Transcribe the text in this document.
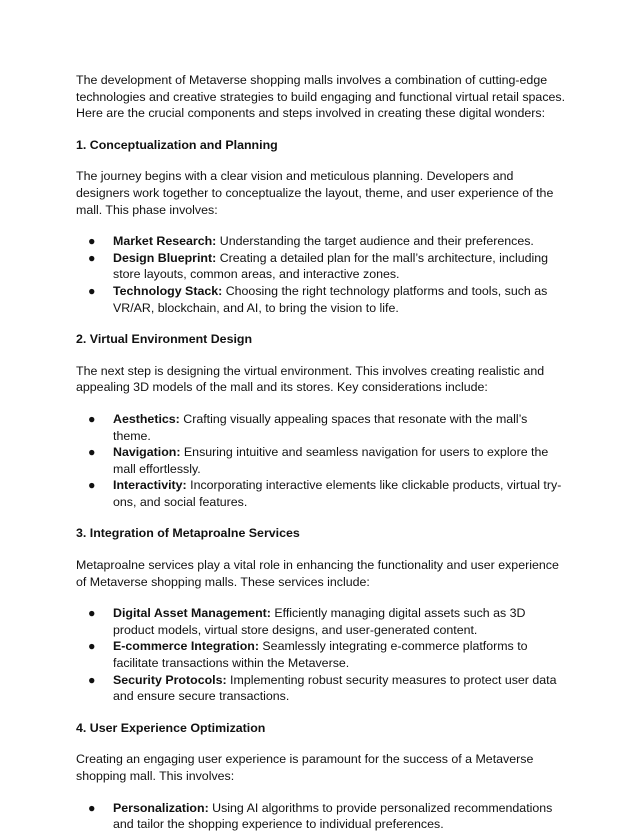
The development of Metaverse shopping malls involves a combination of cutting-edge technologies and creative strategies to build engaging and functional virtual retail spaces. Here are the crucial components and steps involved in creating these digital wonders:

1. Conceptualization and Planning

The journey begins with a clear vision and meticulous planning. Developers and designers work together to conceptualize the layout, theme, and user experience of the mall. This phase involves:

● Market Research: Understanding the target audience and their preferences.
● Design Blueprint: Creating a detailed plan for the mall’s architecture, including store layouts, common areas, and interactive zones.
● Technology Stack: Choosing the right technology platforms and tools, such as VR/AR, blockchain, and AI, to bring the vision to life.
2. Virtual Environment Design

The next step is designing the virtual environment. This involves creating realistic and appealing 3D models of the mall and its stores. Key considerations include:

● Aesthetics: Crafting visually appealing spaces that resonate with the mall’s theme.
● Navigation: Ensuring intuitive and seamless navigation for users to explore the mall effortlessly.
● Interactivity: Incorporating interactive elements like clickable products, virtual try-ons, and social features.
3. Integration of Metaproalne Services

Metaproalne services play a vital role in enhancing the functionality and user experience of Metaverse shopping malls. These services include:

● Digital Asset Management: Efficiently managing digital assets such as 3D product models, virtual store designs, and user-generated content.
● E-commerce Integration: Seamlessly integrating e-commerce platforms to facilitate transactions within the Metaverse.
● Security Protocols: Implementing robust security measures to protect user data and ensure secure transactions.
4. User Experience Optimization

Creating an engaging user experience is paramount for the success of a Metaverse shopping mall. This involves:

● Personalization: Using AI algorithms to provide personalized recommendations and tailor the shopping experience to individual preferences.
